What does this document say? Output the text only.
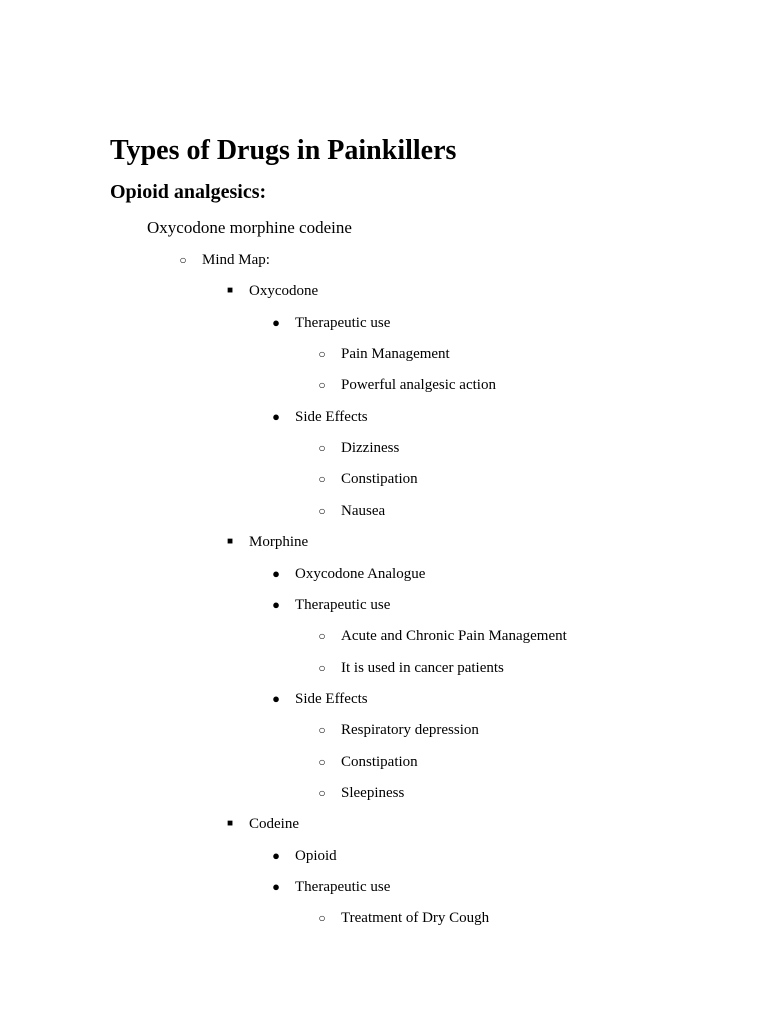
Types of Drugs in Painkillers
Opioid analgesics:
Oxycodone morphine codeine
○ Mind Map:
■ Oxycodone
● Therapeutic use
○ Pain Management
○ Powerful analgesic action
● Side Effects
○ Dizziness
○ Constipation
○ Nausea
■ Morphine
● Oxycodone Analogue
● Therapeutic use
○ Acute and Chronic Pain Management
○ It is used in cancer patients
● Side Effects
○ Respiratory depression
○ Constipation
○ Sleepiness
■ Codeine
● Opioid
● Therapeutic use
○ Treatment of Dry Cough
